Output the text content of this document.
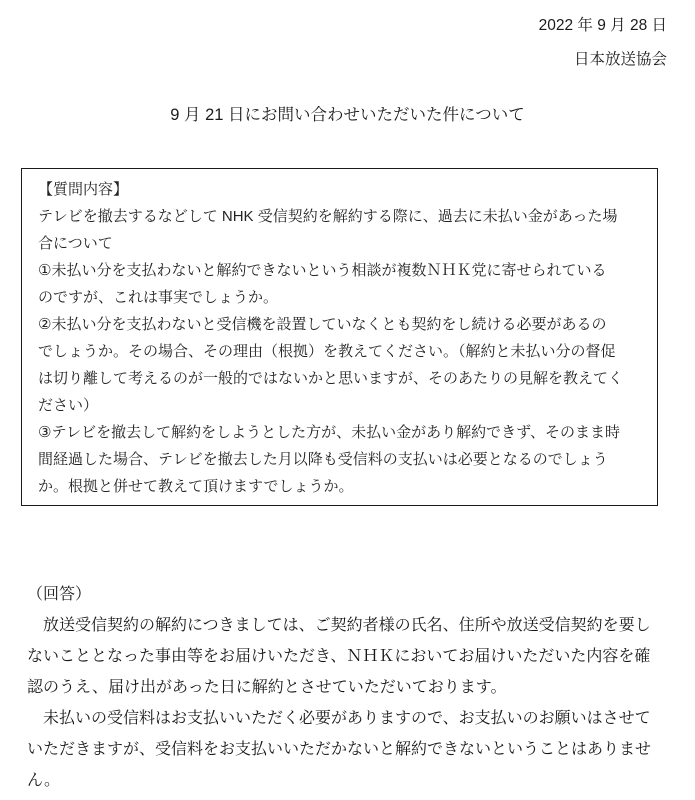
2022 年 9 月 28 日
日本放送協会
9 月 21 日にお問い合わせいただいた件について
【質問内容】
テレビを撤去するなどして NHK 受信契約を解約する際に、過去に未払い金があった場
合について
①未払い分を支払わないと解約できないという相談が複数ＮＨＫ党に寄せられている
のですが、これは事実でしょうか。
②未払い分を支払わないと受信機を設置していなくとも契約をし続ける必要があるの
でしょうか。その場合、その理由（根拠）を教えてください。（解約と未払い分の督促
は切り離して考えるのが一般的ではないかと思いますが、そのあたりの見解を教えてく
ださい）
③テレビを撤去して解約をしようとした方が、未払い金があり解約できず、そのまま時
間経過した場合、テレビを撤去した月以降も受信料の支払いは必要となるのでしょう
か。根拠と併せて教えて頂けますでしょうか。
（回答）
　放送受信契約の解約につきましては、ご契約者様の氏名、住所や放送受信契約を要し
ないこととなった事由等をお届けいただき、ＮＨＫにおいてお届けいただいた内容を確
認のうえ、届け出があった日に解約とさせていただいております。
　未払いの受信料はお支払いいただく必要がありますので、お支払いのお願いはさせて
いただきますが、受信料をお支払いいただかないと解約できないということはありませ
ん。
